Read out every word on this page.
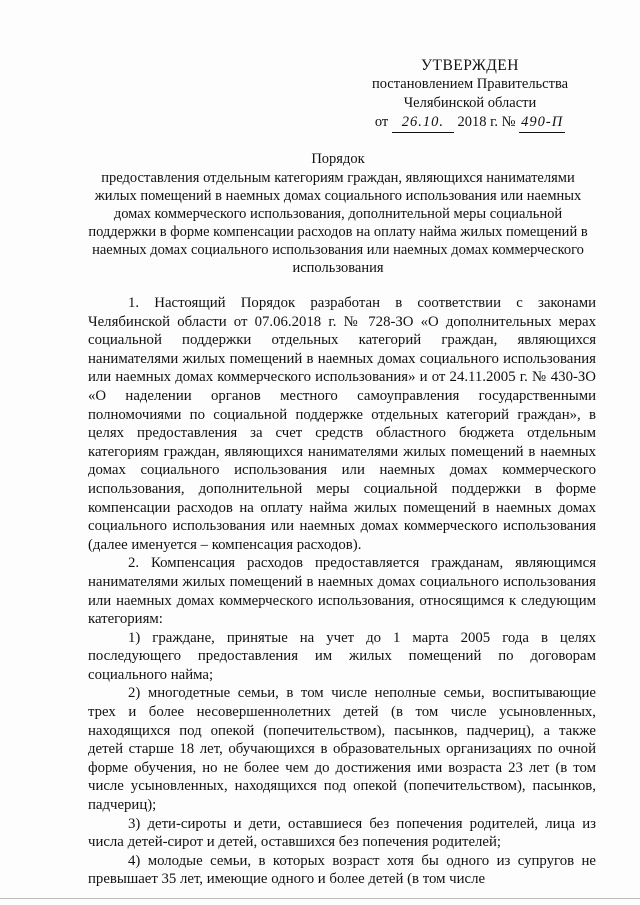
УТВЕРЖДЕН
постановлением Правительства
Челябинской области
от 26.10. 2018 г. № 490-П
Порядок
предоставления отдельным категориям граждан, являющихся нанимателями жилых помещений в наемных домах социального использования или наемных домах коммерческого использования, дополнительной меры социальной поддержки в форме компенсации расходов на оплату найма жилых помещений в наемных домах социального использования или наемных домах коммерческого использования

1. Настоящий Порядок разработан в соответствии с законами Челябинской области от 07.06.2018 г. № 728-ЗО «О дополнительных мерах социальной поддержки отдельных категорий граждан, являющихся нанимателями жилых помещений в наемных домах социального использования или наемных домах коммерческого использования» и от 24.11.2005 г. № 430-ЗО «О наделении органов местного самоуправления государственными полномочиями по социальной поддержке отдельных категорий граждан», в целях предоставления за счет средств областного бюджета отдельным категориям граждан, являющихся нанимателями жилых помещений в наемных домах социального использования или наемных домах коммерческого использования, дополнительной меры социальной поддержки в форме компенсации расходов на оплату найма жилых помещений в наемных домах социального использования или наемных домах коммерческого использования (далее именуется – компенсация расходов).

2. Компенсация расходов предоставляется гражданам, являющимся нанимателями жилых помещений в наемных домах социального использования или наемных домах коммерческого использования, относящимся к следующим категориям:

1) граждане, принятые на учет до 1 марта 2005 года в целях последующего предоставления им жилых помещений по договорам социального найма;

2) многодетные семьи, в том числе неполные семьи, воспитывающие трех и более несовершеннолетних детей (в том числе усыновленных, находящихся под опекой (попечительством), пасынков, падчериц), а также детей старше 18 лет, обучающихся в образовательных организациях по очной форме обучения, но не более чем до достижения ими возраста 23 лет (в том числе усыновленных, находящихся под опекой (попечительством), пасынков, падчериц);

3) дети-сироты и дети, оставшиеся без попечения родителей, лица из числа детей-сирот и детей, оставшихся без попечения родителей;

4) молодые семьи, в которых возраст хотя бы одного из супругов не превышает 35 лет, имеющие одного и более детей (в том числе
